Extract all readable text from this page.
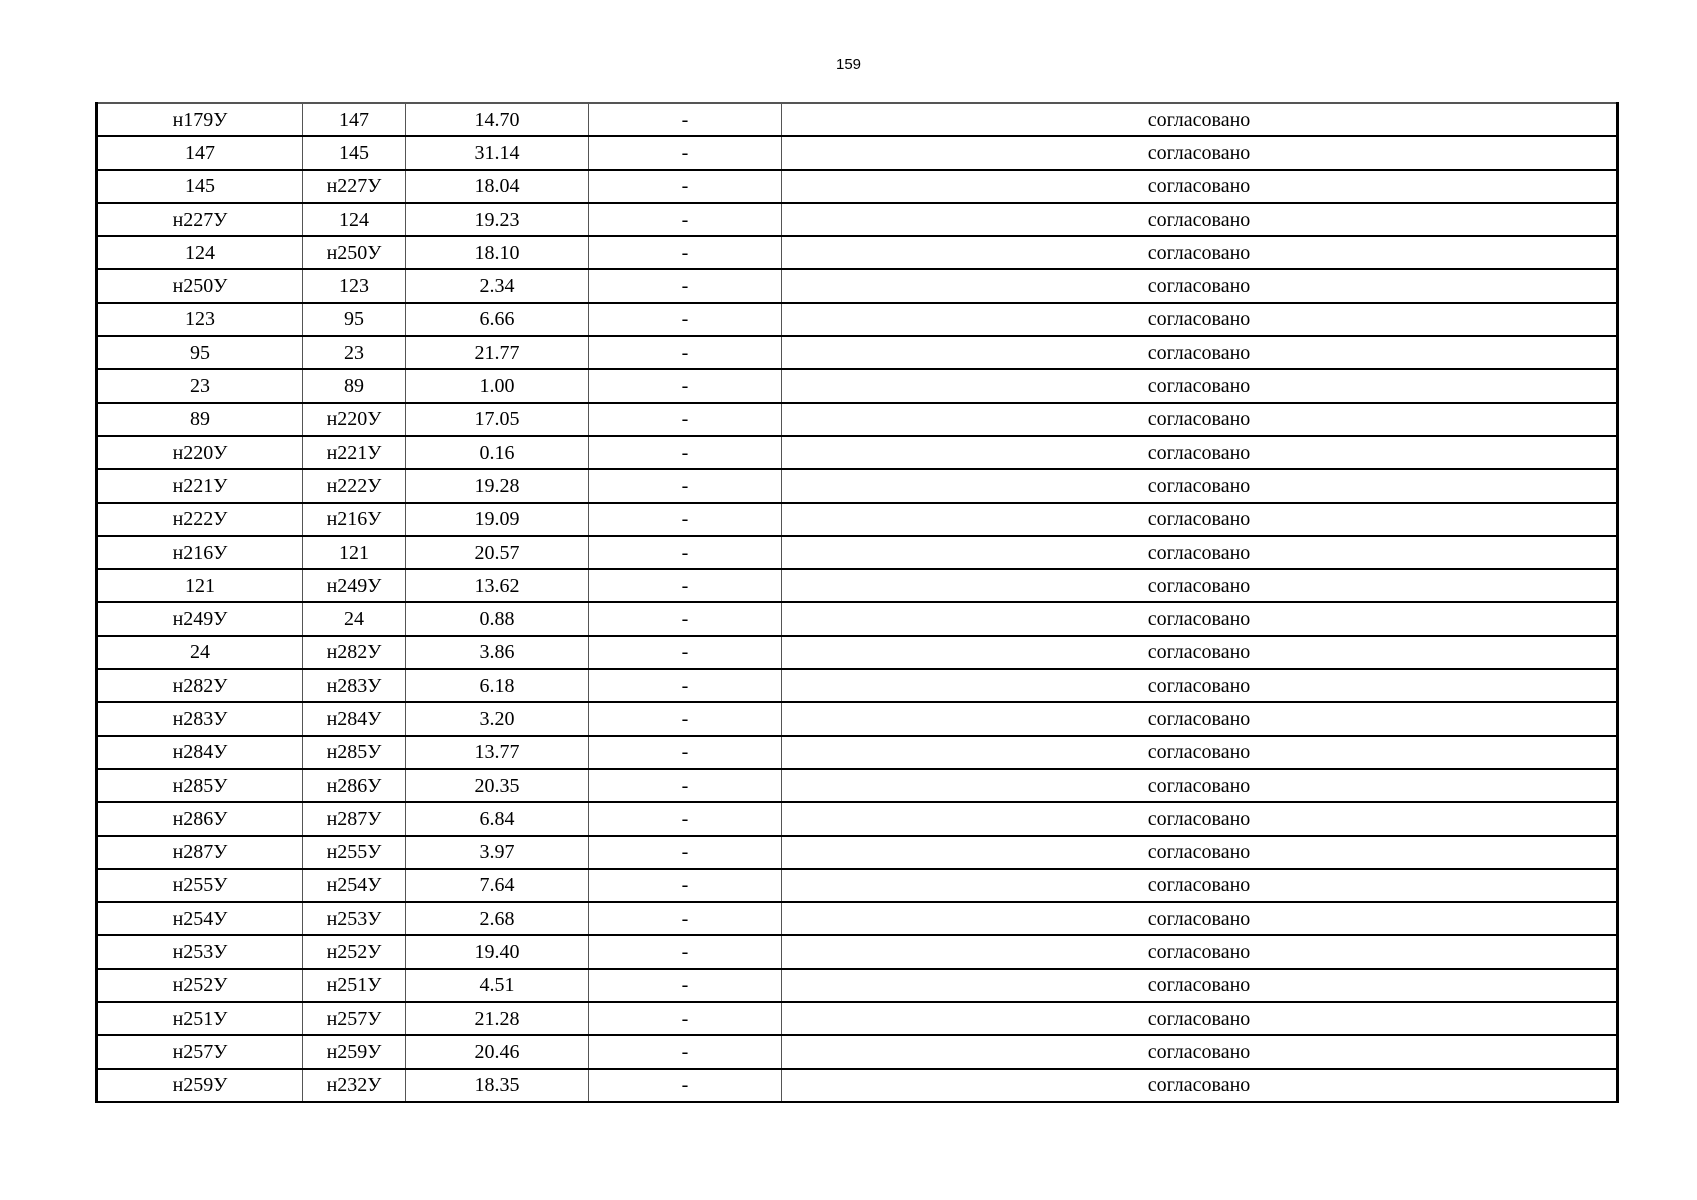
159
н179У	147	14.70	-	согласовано
147	145	31.14	-	согласовано
145	н227У	18.04	-	согласовано
н227У	124	19.23	-	согласовано
124	н250У	18.10	-	согласовано
н250У	123	2.34	-	согласовано
123	95	6.66	-	согласовано
95	23	21.77	-	согласовано
23	89	1.00	-	согласовано
89	н220У	17.05	-	согласовано
н220У	н221У	0.16	-	согласовано
н221У	н222У	19.28	-	согласовано
н222У	н216У	19.09	-	согласовано
н216У	121	20.57	-	согласовано
121	н249У	13.62	-	согласовано
н249У	24	0.88	-	согласовано
24	н282У	3.86	-	согласовано
н282У	н283У	6.18	-	согласовано
н283У	н284У	3.20	-	согласовано
н284У	н285У	13.77	-	согласовано
н285У	н286У	20.35	-	согласовано
н286У	н287У	6.84	-	согласовано
н287У	н255У	3.97	-	согласовано
н255У	н254У	7.64	-	согласовано
н254У	н253У	2.68	-	согласовано
н253У	н252У	19.40	-	согласовано
н252У	н251У	4.51	-	согласовано
н251У	н257У	21.28	-	согласовано
н257У	н259У	20.46	-	согласовано
н259У	н232У	18.35	-	согласовано
